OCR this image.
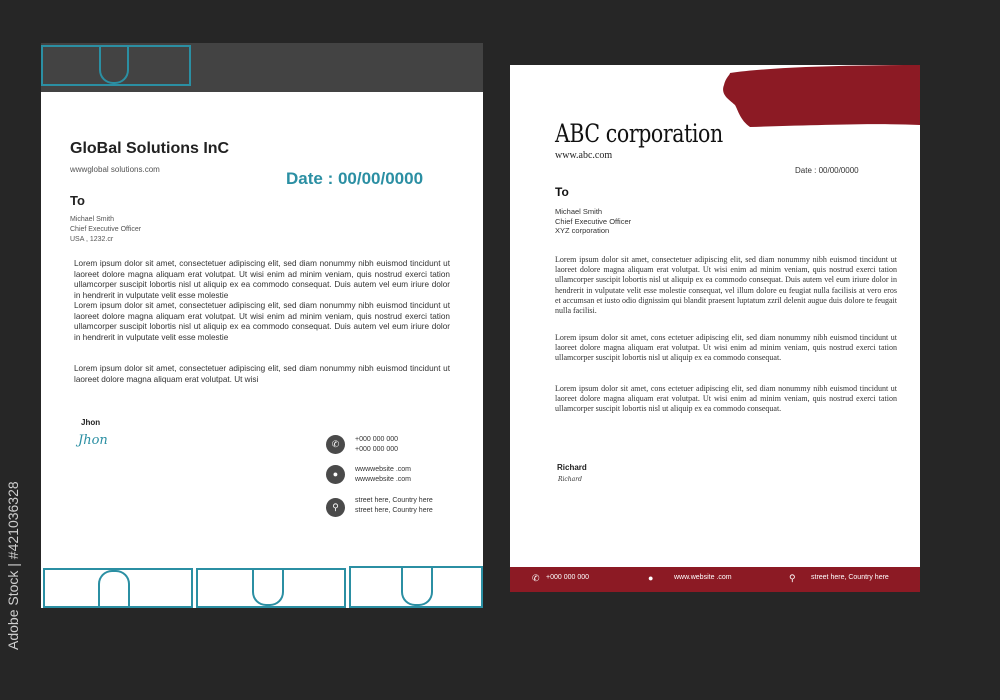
GloBal Solutions InC
wwwglobal solutions.com	Date : 00/00/0000
To
Michael Smith
Chief Executive Officer
USA , 1232.cr

Lorem ipsum dolor sit amet, consectetuer adipiscing elit, sed diam nonummy nibh euismod tincidunt ut laoreet dolore magna aliquam erat volutpat. Ut wisi enim ad minim veniam, quis nostrud exerci tation ullamcorper suscipit lobortis nisl ut aliquip ex ea commodo consequat. Duis autem vel eum iriure dolor in hendrerit in vulputate velit esse molestie

Lorem ipsum dolor sit amet, consectetuer adipiscing elit, sed diam nonummy nibh euismod tincidunt ut laoreet dolore magna aliquam erat volutpat. Ut wisi enim ad minim veniam, quis nostrud exerci tation ullamcorper suscipit lobortis nisl ut aliquip ex ea commodo consequat. Duis autem vel eum iriure dolor in hendrerit in vulputate velit esse molestie

Lorem ipsum dolor sit amet, consectetuer adipiscing elit, sed diam nonummy nibh euismod tincidunt ut laoreet dolore magna aliquam erat volutpat. Ut wisi

Jhon
Jhon	✆	+000 000 000
+000 000 000
●	wwwwebsite .com
wwwwebsite .com
⚲
street here, Country here
street here, Country here
ABC corporation
www.abc.com
Date : 00/00/0000
To
Michael Smith
Chief Executive Officer
XYZ corporation

Lorem ipsum dolor sit amet, consectetuer adipiscing elit, sed diam nonummy nibh euismod tincidunt ut laoreet dolore magna aliquam erat volutpat. Ut wisi enim ad minim veniam, quis nostrud exerci tation ullamcorper suscipit lobortis nisl ut aliquip ex ea commodo consequat. Duis autem vel eum iriure dolor in hendrerit in vulputate velit esse molestie consequat, vel illum dolore eu feugiat nulla facilisis at vero eros et accumsan et iusto odio dignissim qui blandit praesent luptatum zzril delenit augue duis dolore te feugait nulla facilisi.

Lorem ipsum dolor sit amet, cons ectetuer adipiscing elit, sed diam nonummy nibh euismod tincidunt ut laoreet dolore magna aliquam erat volutpat. Ut wisi enim ad minim veniam, quis nostrud exerci tation ullamcorper suscipit lobortis nisl ut aliquip ex ea commodo consequat.

Lorem ipsum dolor sit amet, cons ectetuer adipiscing elit, sed diam nonummy nibh euismod tincidunt ut laoreet dolore magna aliquam erat volutpat. Ut wisi enim ad minim veniam, quis nostrud exerci tation ullamcorper suscipit lobortis nisl ut aliquip ex ea commodo consequat.

Richard
Richard
✆ +000 000 000	●	www.website .com	⚲ street here, Country here
Adobe Stock | #421036328
